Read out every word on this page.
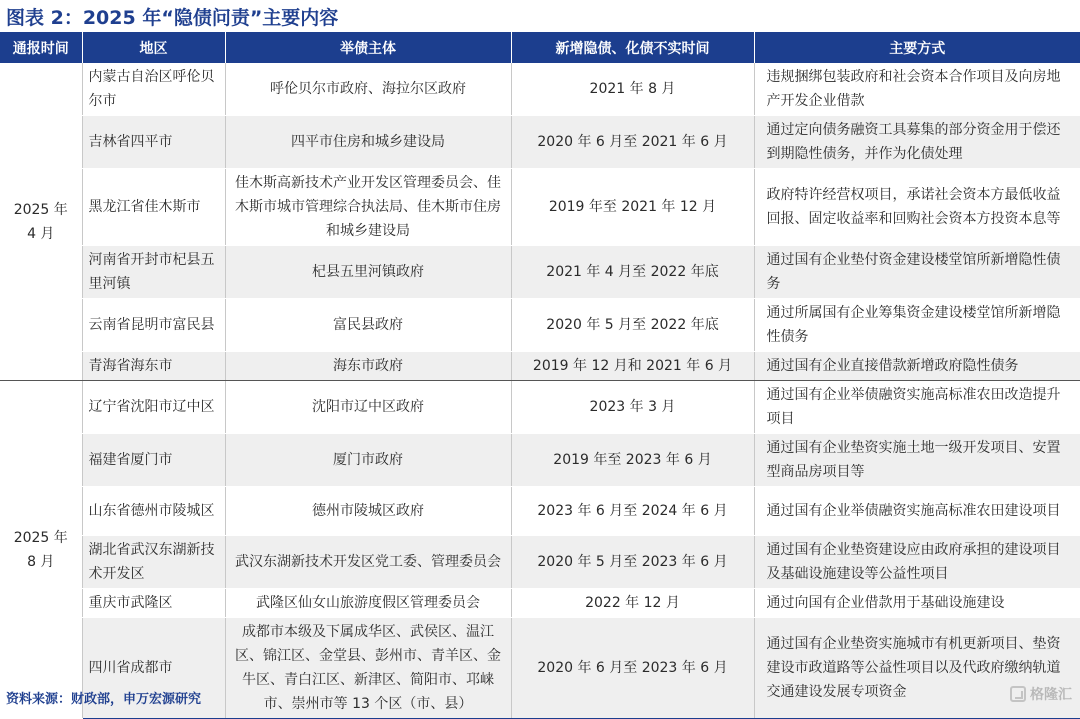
图表 2：2025 年“隐债问责”主要内容
通报时间	地区	举债主体	新增隐债、化债不实时间	主要方式
2025 年
4 月	内蒙古自治区呼伦贝尔市	呼伦贝尔市政府、海拉尔区政府	2021 年 8 月	违规捆绑包装政府和社会资本合作项目及向房地产开发企业借款
	吉林省四平市	四平市住房和城乡建设局	2020 年 6 月至 2021 年 6 月	通过定向债务融资工具募集的部分资金用于偿还到期隐性债务，并作为化债处理
	黑龙江省佳木斯市	佳木斯高新技术产业开发区管理委员会、佳木斯市城市管理综合执法局、佳木斯市住房和城乡建设局	2019 年至 2021 年 12 月	政府特许经营权项目，承诺社会资本方最低收益回报、固定收益率和回购社会资本方投资本息等
	河南省开封市杞县五里河镇	杞县五里河镇政府	2021 年 4 月至 2022 年底	通过国有企业垫付资金建设楼堂馆所新增隐性债务
	云南省昆明市富民县	富民县政府	2020 年 5 月至 2022 年底	通过所属国有企业筹集资金建设楼堂馆所新增隐性债务
	青海省海东市	海东市政府	2019 年 12 月和 2021 年 6 月	通过国有企业直接借款新增政府隐性债务
2025 年
8 月	辽宁省沈阳市辽中区	沈阳市辽中区政府	2023 年 3 月	通过国有企业举债融资实施高标准农田改造提升项目
	福建省厦门市	厦门市政府	2019 年至 2023 年 6 月	通过国有企业垫资实施土地一级开发项目、安置型商品房项目等
	山东省德州市陵城区	德州市陵城区政府	2023 年 6 月至 2024 年 6 月	通过国有企业举债融资实施高标准农田建设项目
	湖北省武汉东湖新技术开发区	武汉东湖新技术开发区党工委、管理委员会	2020 年 5 月至 2023 年 6 月	通过国有企业垫资建设应由政府承担的建设项目及基础设施建设等公益性项目
	重庆市武隆区	武隆区仙女山旅游度假区管理委员会	2022 年 12 月	通过向国有企业借款用于基础设施建设
	四川省成都市	成都市本级及下属成华区、武侯区、温江区、锦江区、金堂县、彭州市、青羊区、金牛区、青白江区、新津区、简阳市、邛崃市、崇州市等 13 个区（市、县）	2020 年 6 月至 2023 年 6 月	通过国有企业垫资实施城市有机更新项目、垫资建设市政道路等公益性项目以及代政府缴纳轨道交通建设发展专项资金
资料来源：财政部，申万宏源研究	格隆汇
